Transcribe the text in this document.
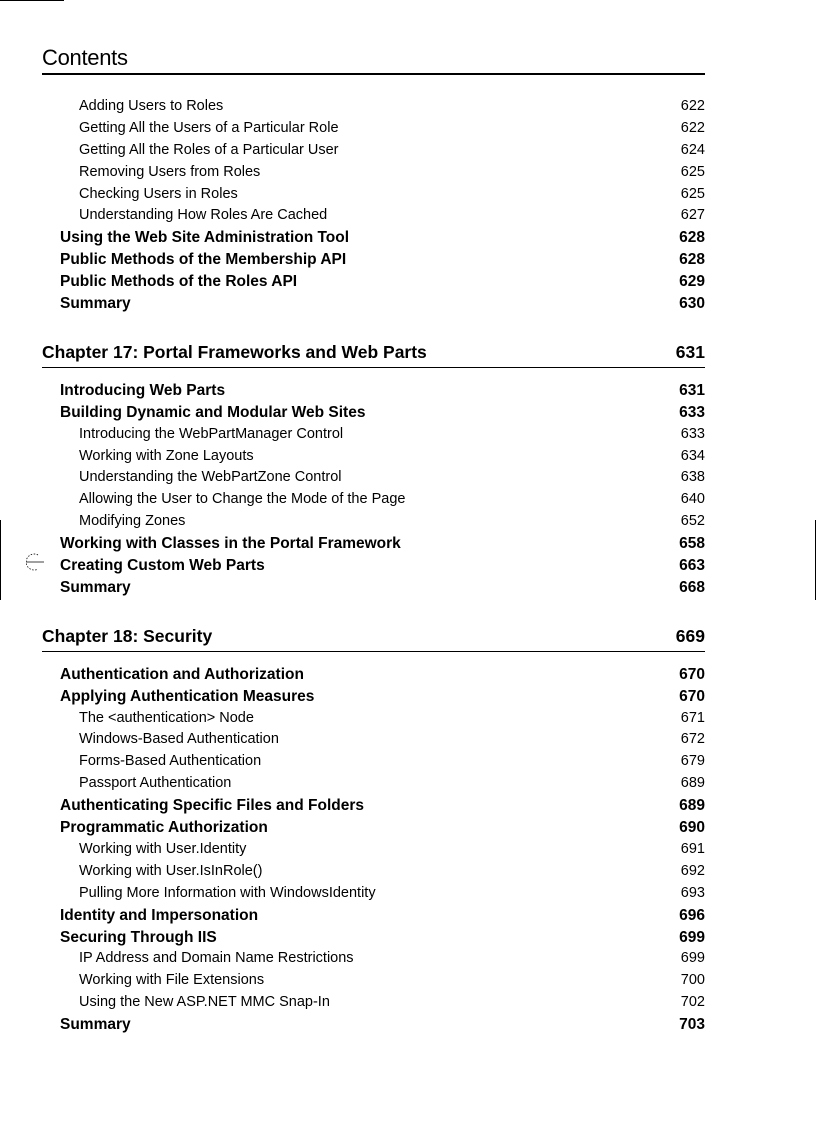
Contents
Adding Users to Roles	622
Getting All the Users of a Particular Role	622
Getting All the Roles of a Particular User	624
Removing Users from Roles	625
Checking Users in Roles	625
Understanding How Roles Are Cached	627
Using the Web Site Administration Tool	628
Public Methods of the Membership API	628
Public Methods of the Roles API	629
Summary	630
Chapter 17: Portal Frameworks and Web Parts	631
Introducing Web Parts	631
Building Dynamic and Modular Web Sites	633
Introducing the WebPartManager Control	633
Working with Zone Layouts	634
Understanding the WebPartZone Control	638
Allowing the User to Change the Mode of the Page	640
Modifying Zones	652
Working with Classes in the Portal Framework	658
Creating Custom Web Parts	663
Summary	668
Chapter 18: Security	669
Authentication and Authorization	670
Applying Authentication Measures	670
The <authentication> Node	671
Windows-Based Authentication	672
Forms-Based Authentication	679
Passport Authentication	689
Authenticating Specific Files and Folders	689
Programmatic Authorization	690
Working with User.Identity	691
Working with User.IsInRole()	692
Pulling More Information with WindowsIdentity	693
Identity and Impersonation	696
Securing Through IIS	699
IP Address and Domain Name Restrictions	699
Working with File Extensions	700
Using the New ASP.NET MMC Snap-In	702
Summary	703
